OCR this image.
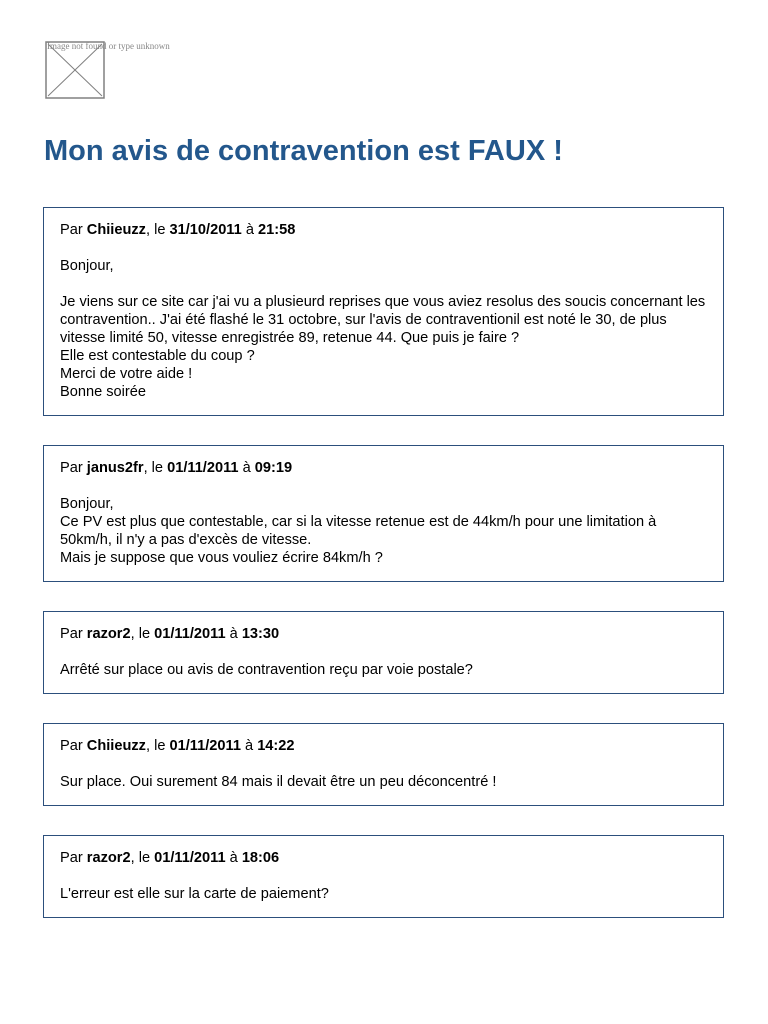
Image not found or type unknown
Mon avis de contravention est FAUX !

Par Chiieuzz, le 31/10/2011 à 21:58

Bonjour,

Je viens sur ce site car j'ai vu a plusieurd reprises que vous aviez resolus des soucis concernant les contravention.. J'ai été flashé le 31 octobre, sur l'avis de contraventionil est noté le 30, de plus vitesse limité 50, vitesse enregistrée 89, retenue 44. Que puis je faire ?

Elle est contestable du coup ?

Merci de votre aide !

Bonne soirée

Par janus2fr, le 01/11/2011 à 09:19

Bonjour,

Ce PV est plus que contestable, car si la vitesse retenue est de 44km/h pour une limitation à 50km/h, il n'y a pas d'excès de vitesse.

Mais je suppose que vous vouliez écrire 84km/h ?

Par razor2, le 01/11/2011 à 13:30

Arrêté sur place ou avis de contravention reçu par voie postale?

Par Chiieuzz, le 01/11/2011 à 14:22

Sur place. Oui surement 84 mais il devait être un peu déconcentré !

Par razor2, le 01/11/2011 à 18:06

L'erreur est elle sur la carte de paiement?
